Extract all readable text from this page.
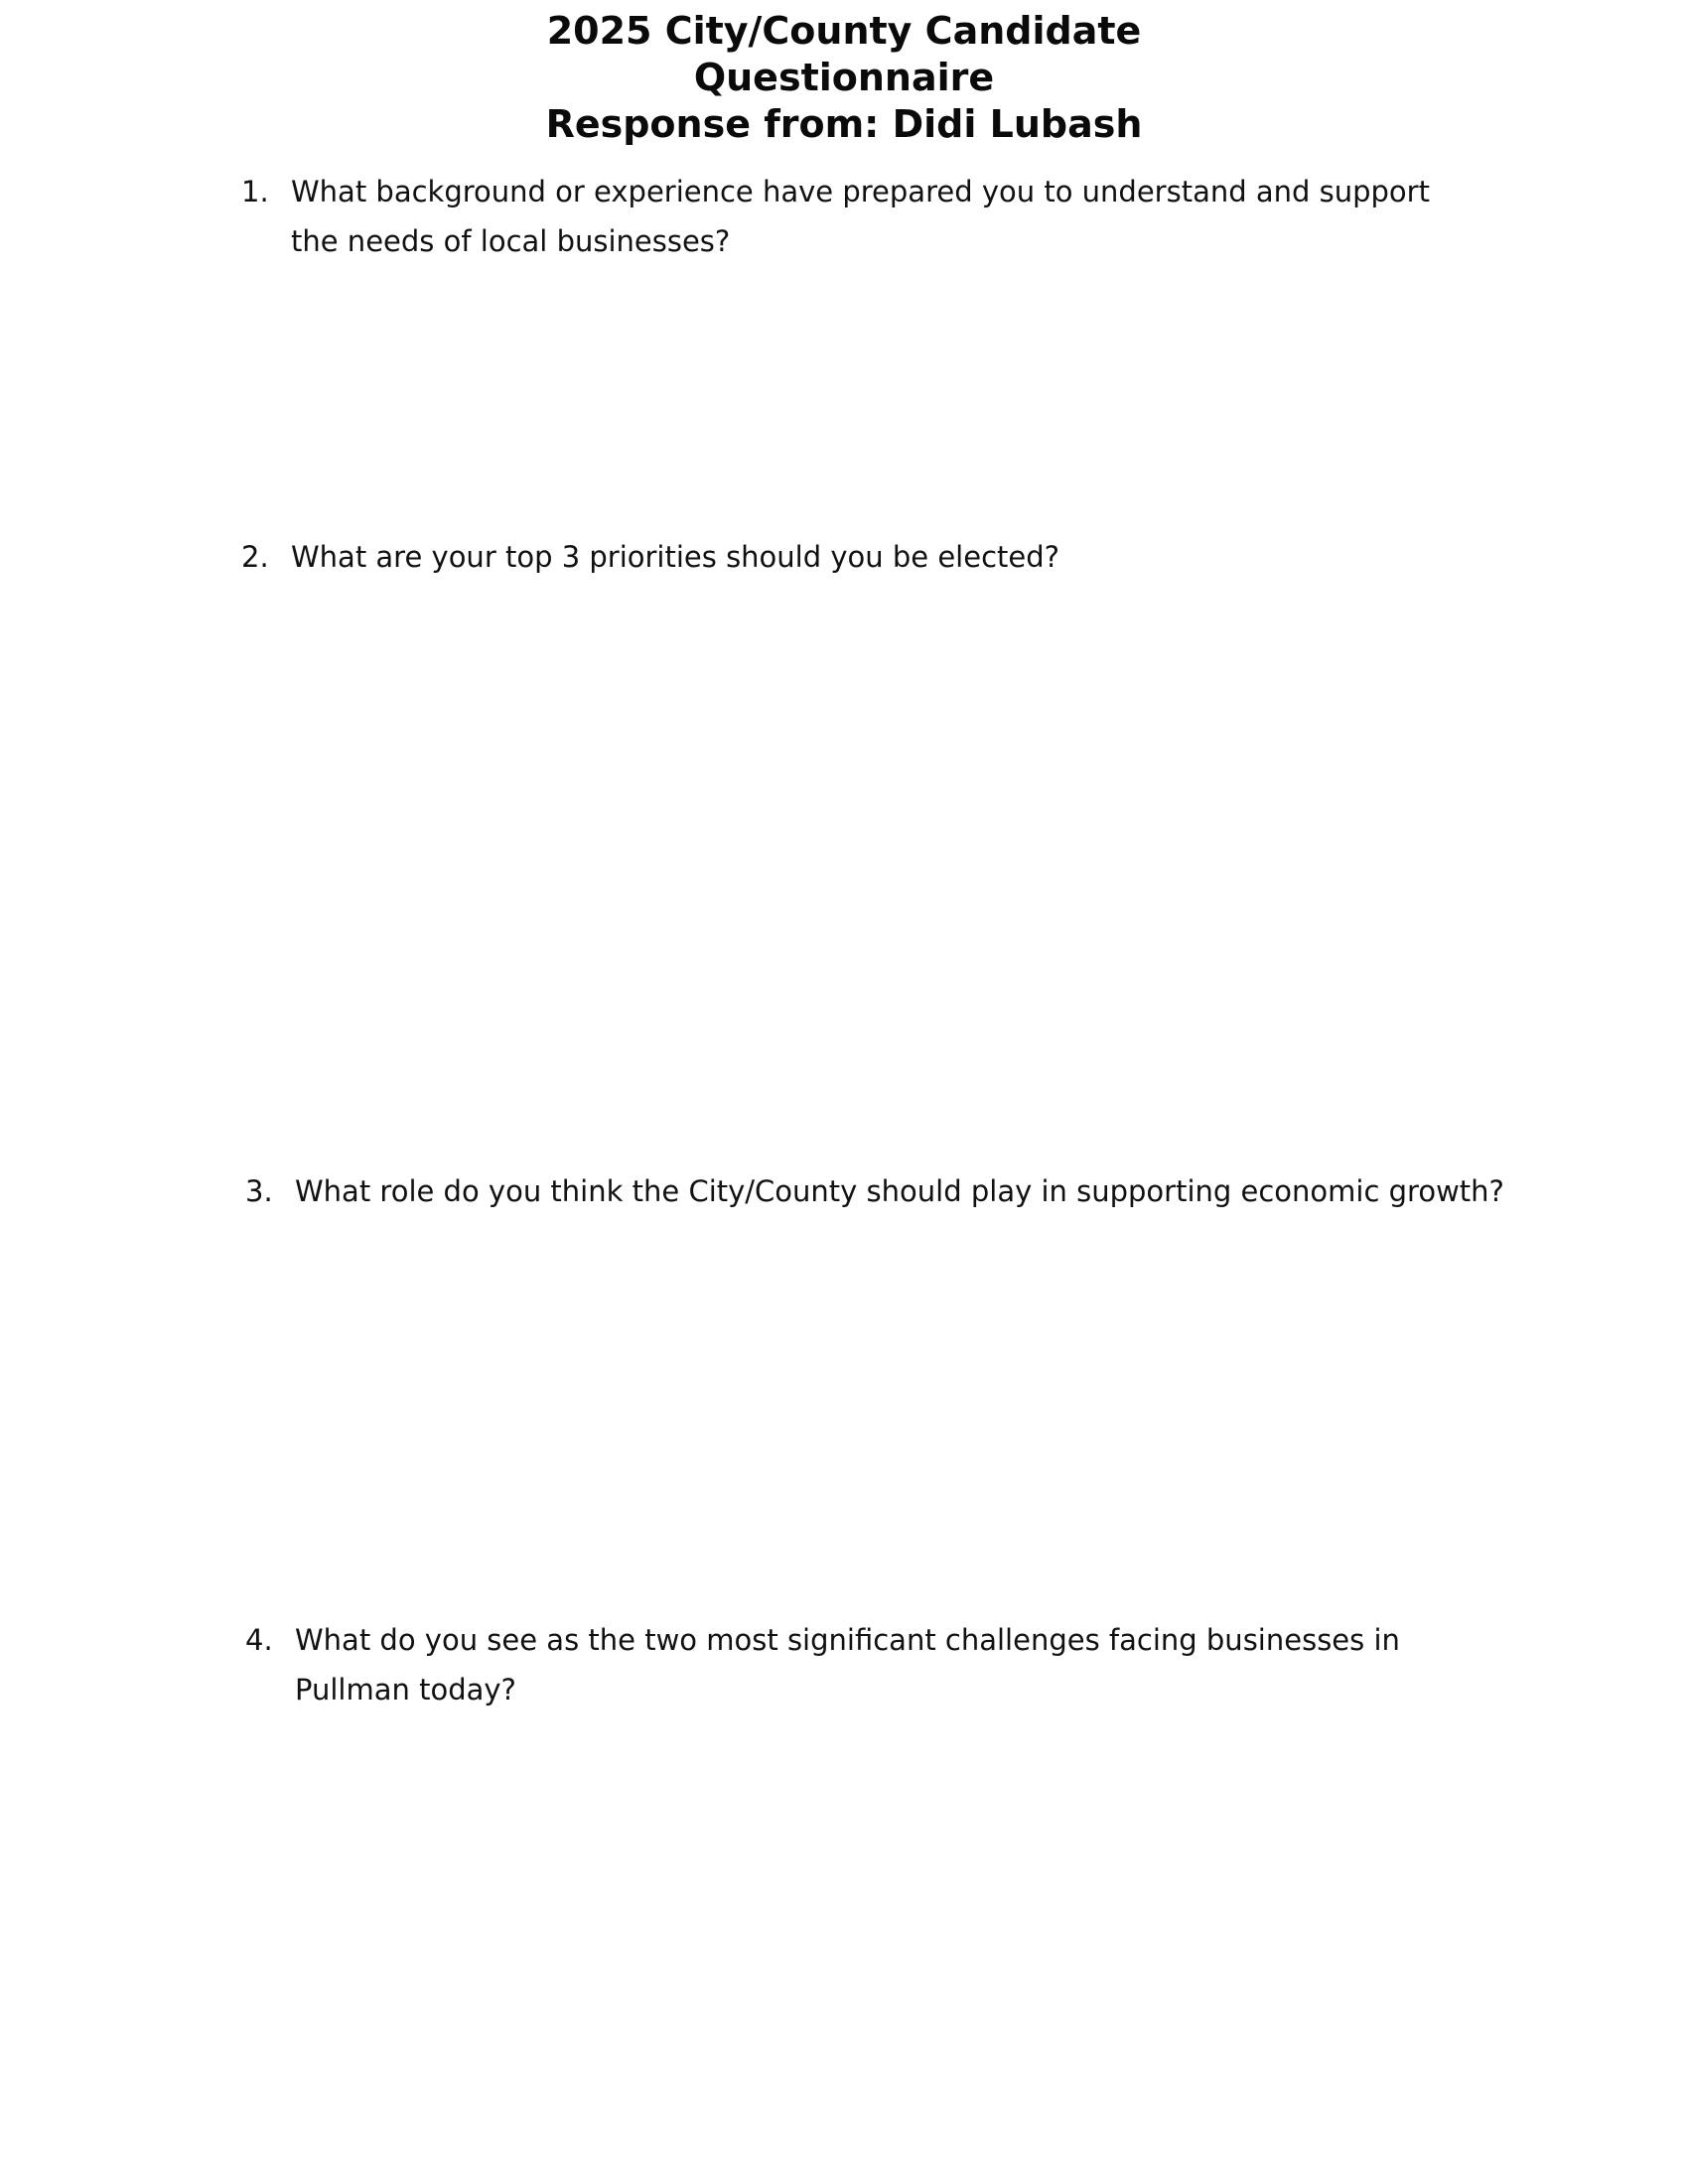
2025 City/County Candidate
Questionnaire
Response from: Didi Lubash
1. What background or experience have prepared you to understand and support the needs of local businesses?
2. What are your top 3 priorities should you be elected?
3. What role do you think the City/County should play in supporting economic growth?
4. What do you see as the two most significant challenges facing businesses in Pullman today?
